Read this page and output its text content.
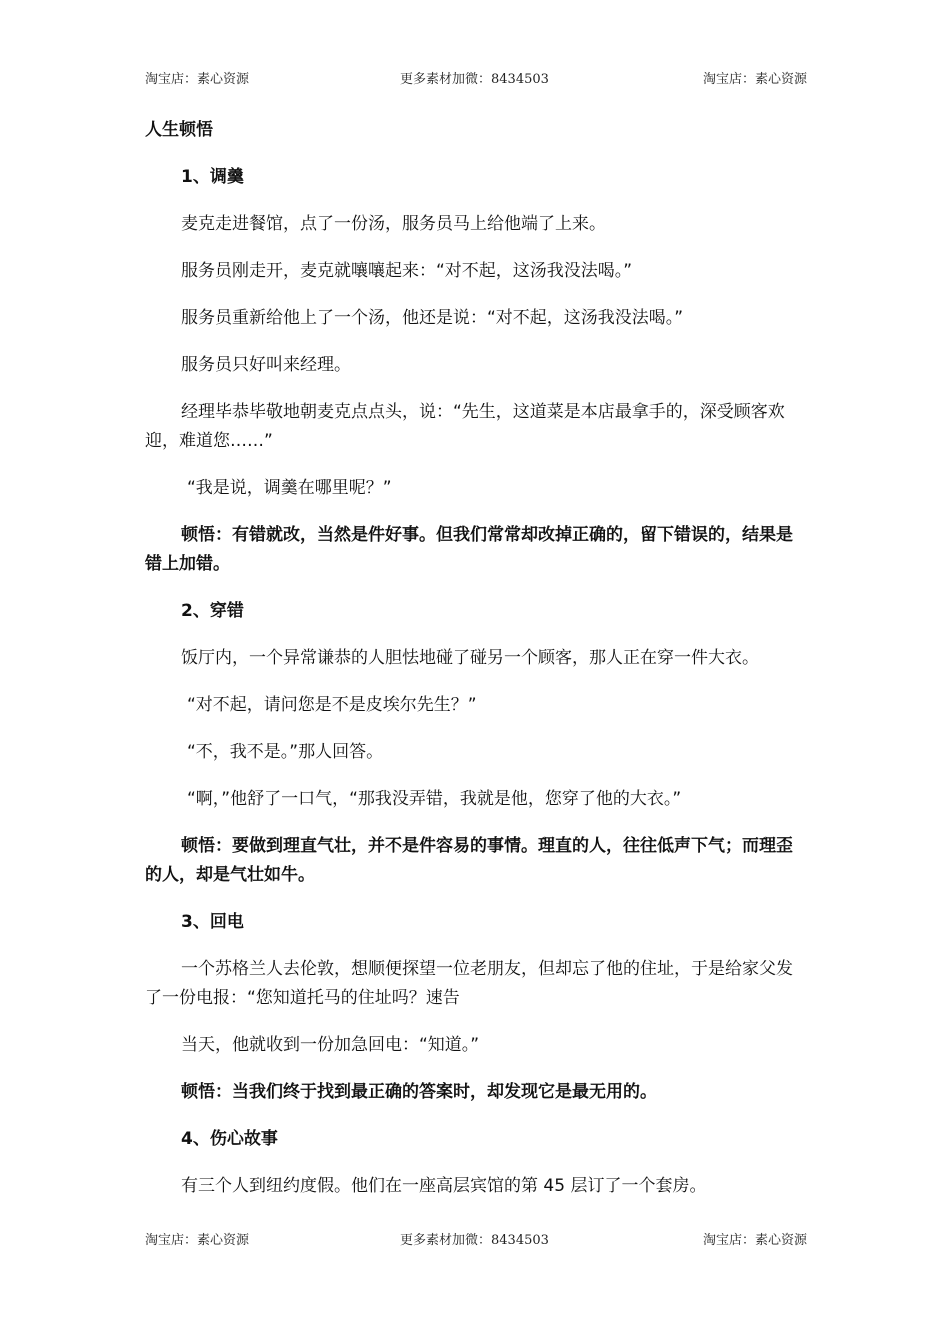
淘宝店：素心资源	更多素材加微：8434503	淘宝店：素心资源

人生顿悟

1、调羹

麦克走进餐馆，点了一份汤，服务员马上给他端了上来。

服务员刚走开，麦克就嚷嚷起来：“对不起，这汤我没法喝。”

服务员重新给他上了一个汤，他还是说：“对不起，这汤我没法喝。”

服务员只好叫来经理。

经理毕恭毕敬地朝麦克点点头，说：“先生，这道菜是本店最拿手的，深受顾客欢迎，难道您……”

“我是说，调羹在哪里呢？”

顿悟：有错就改，当然是件好事。但我们常常却改掉正确的，留下错误的，结果是错上加错。

2、穿错

饭厅内，一个异常谦恭的人胆怯地碰了碰另一个顾客，那人正在穿一件大衣。

“对不起，请问您是不是皮埃尔先生？”

“不，我不是。”那人回答。

“啊，”他舒了一口气，“那我没弄错，我就是他，您穿了他的大衣。”

顿悟：要做到理直气壮，并不是件容易的事情。理直的人，往往低声下气；而理歪的人，却是气壮如牛。

3、回电

一个苏格兰人去伦敦，想顺便探望一位老朋友，但却忘了他的住址，于是给家父发了一份电报：“您知道托马的住址吗？速告

当天，他就收到一份加急回电：“知道。”

顿悟：当我们终于找到最正确的答案时，却发现它是最无用的。

4、伤心故事

有三个人到纽约度假。他们在一座高层宾馆的第 45 层订了一个套房。

淘宝店：素心资源	更多素材加微：8434503	淘宝店：素心资源
